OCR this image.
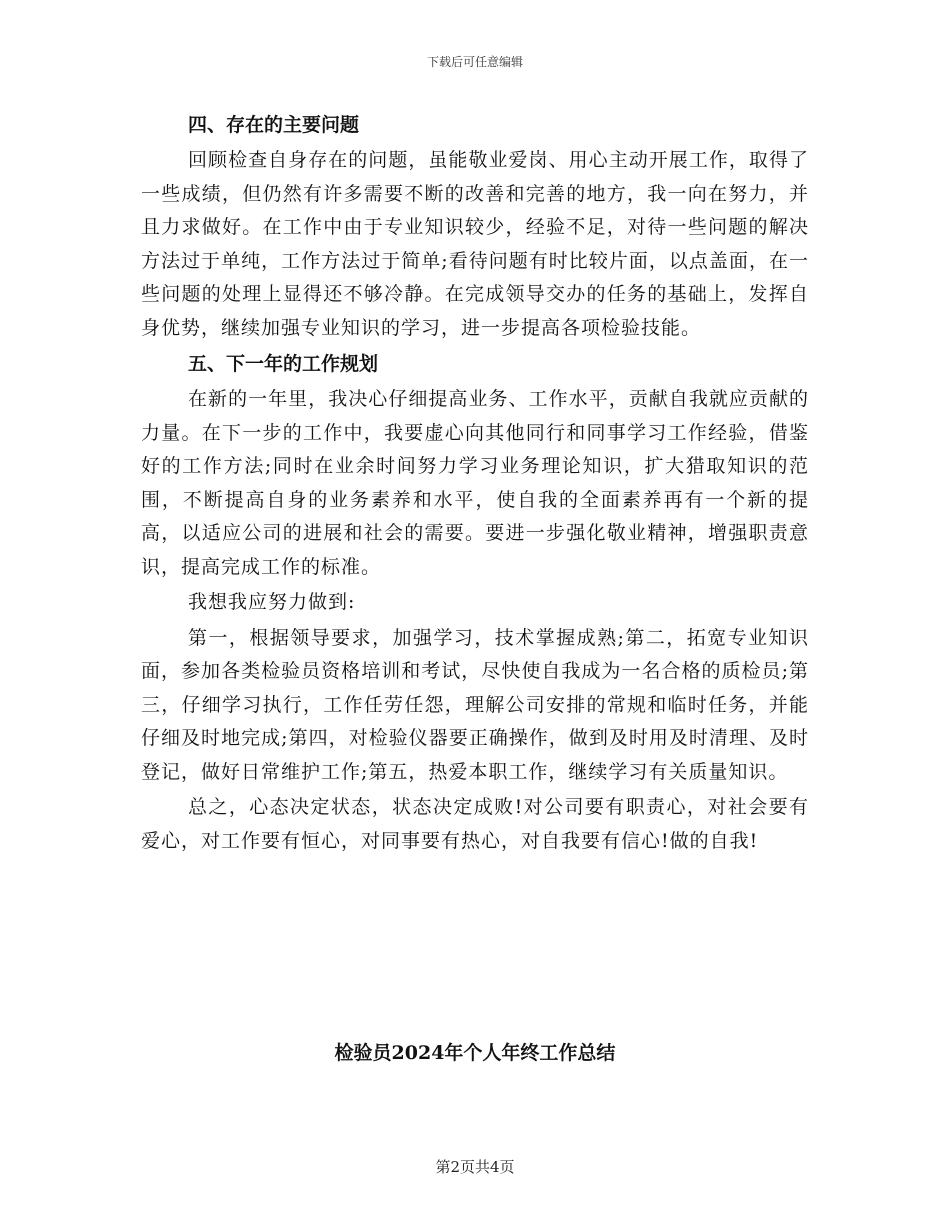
下载后可任意编辑
四、存在的主要问题

回顾检查自身存在的问题，虽能敬业爱岗、用心主动开展工作，取得了一些成绩，但仍然有许多需要不断的改善和完善的地方，我一向在努力，并且力求做好。在工作中由于专业知识较少，经验不足，对待一些问题的解决方法过于单纯，工作方法过于简单;看待问题有时比较片面，以点盖面，在一些问题的处理上显得还不够冷静。在完成领导交办的任务的基础上，发挥自身优势，继续加强专业知识的学习，进一步提高各项检验技能。

五、下一年的工作规划

在新的一年里，我决心仔细提高业务、工作水平，贡献自我就应贡献的力量。在下一步的工作中，我要虚心向其他同行和同事学习工作经验，借鉴好的工作方法;同时在业余时间努力学习业务理论知识，扩大猎取知识的范围，不断提高自身的业务素养和水平，使自我的全面素养再有一个新的提高，以适应公司的进展和社会的需要。要进一步强化敬业精神，增强职责意识，提高完成工作的标准。

我想我应努力做到:

第一，根据领导要求，加强学习，技术掌握成熟;第二，拓宽专业知识面，参加各类检验员资格培训和考试，尽快使自我成为一名合格的质检员;第三，仔细学习执行，工作任劳任怨，理解公司安排的常规和临时任务，并能仔细及时地完成;第四，对检验仪器要正确操作，做到及时用及时清理、及时登记，做好日常维护工作;第五，热爱本职工作，继续学习有关质量知识。

总之，心态决定状态，状态决定成败!对公司要有职责心，对社会要有爱心，对工作要有恒心，对同事要有热心，对自我要有信心!做的自我!

检验员2024年个人年终工作总结
第2页共4页
